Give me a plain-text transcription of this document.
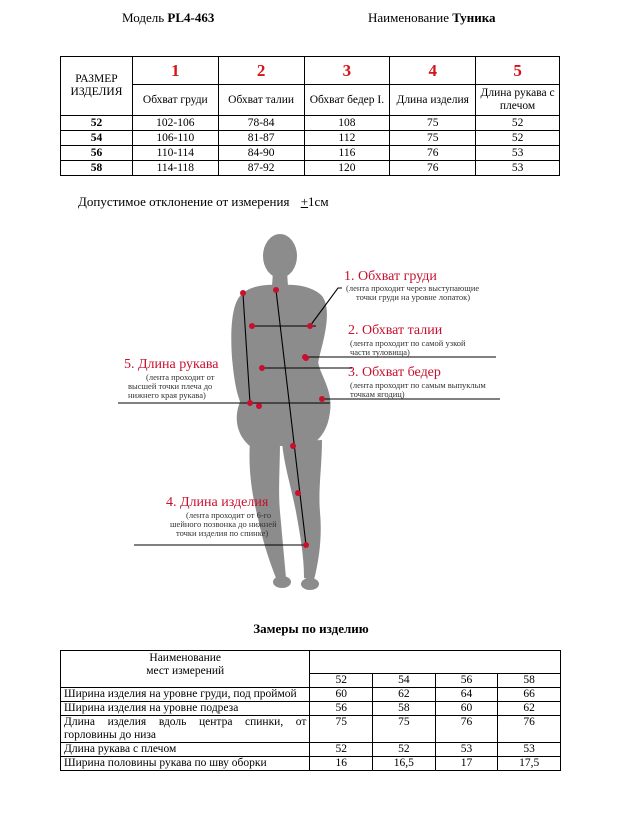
Модель PL4-463	Наименование Туника
РАЗМЕР ИЗДЕЛИЯ	1	2	3	4	5
	Обхват груди	Обхват талии	Обхват бедер I.	Длина изделия	Длина рукава с плечом
52	102-106	78-84	108	75	52
54	106-110	81-87	112	75	52
56	110-114	84-90	116	76	53
58	114-118	87-92	120	76	53
Допустимое отклонение от измерения +1см
1. Обхват груди
(лента проходит через выступающие
точки груди на уровне лопаток)
2. Обхват талии
(лента проходит по самой узкой
части туловища)
3. Обхват бедер
(лента проходит по самым выпуклым
точкам ягодиц)
5. Длина рукава
(лента проходит от
высшей точки плеча до
нижнего края рукава)
4. Длина изделия
(лента проходит от 6-го
шейного позвонка до нижней
точки изделия по спинке)
Замеры по изделию
Наименование
мест измерений				

	52	54	56	58
Ширина изделия на уровне груди, под проймой	60	62	64	66
Ширина изделия на уровне подреза	56	58	60	62
Длина изделия вдоль центра спинки, от горловины до низа	75	75	76	76
Длина рукава с плечом	52	52	53	53
Ширина половины рукава по шву оборки	16	16,5	17	17,5
